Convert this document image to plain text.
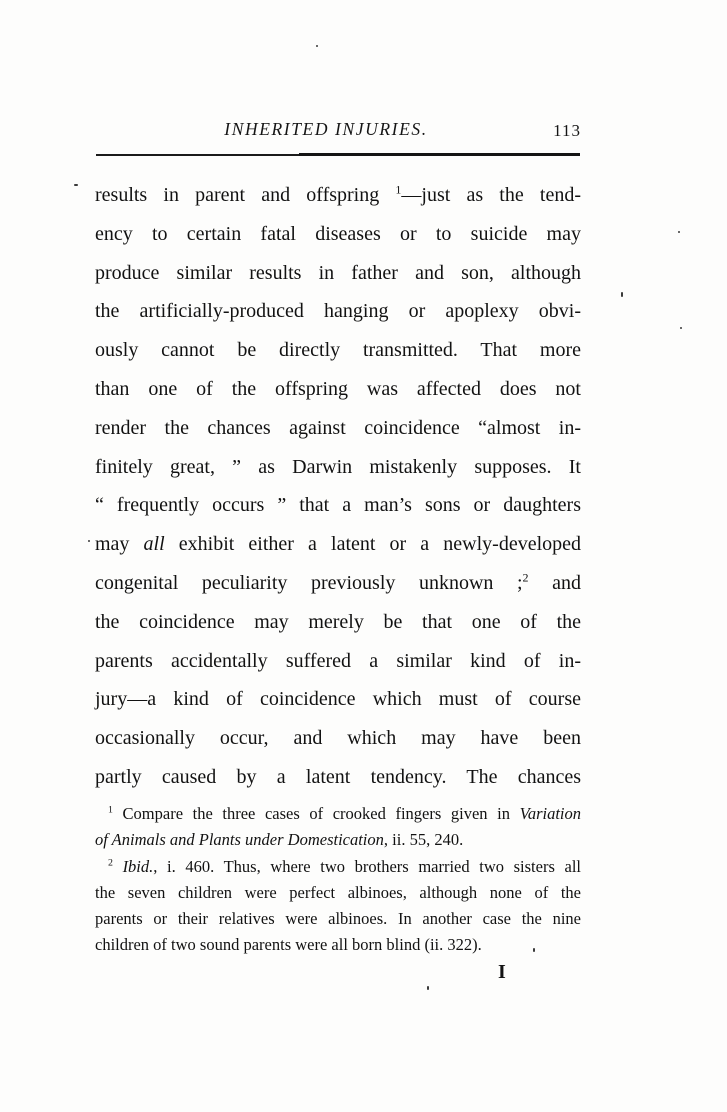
INHERITED INJURIES.	113
results in parent and offspring $^1$—just as the tend-
ency to certain fatal diseases or to suicide may
produce similar results in father and son, although
the artificially-produced hanging or apoplexy obvi-
ously cannot be directly transmitted. That more
than one of the offspring was affected does not
render the chances against coincidence “almost in-
finitely great, ” as Darwin mistakenly supposes. It
“ frequently occurs ” that a man’s sons or daughters
may all exhibit either a latent or a newly-developed
congenital peculiarity previously unknown ;$^2$ and
the coincidence may merely be that one of the
parents accidentally suffered a similar kind of in-
jury—a kind of coincidence which must of course
occasionally occur, and which may have been
partly caused by a latent tendency. The chances
$^1$ Compare the three cases of crooked fingers given in Variation
of Animals and Plants under Domestication, ii. 55, 240.
$^2$ Ibid., i. 460. Thus, where two brothers married two sisters all
the seven children were perfect albinoes, although none of the
parents or their relatives were albinoes. In another case the nine
children of two sound parents were all born blind (ii. 322).
I
